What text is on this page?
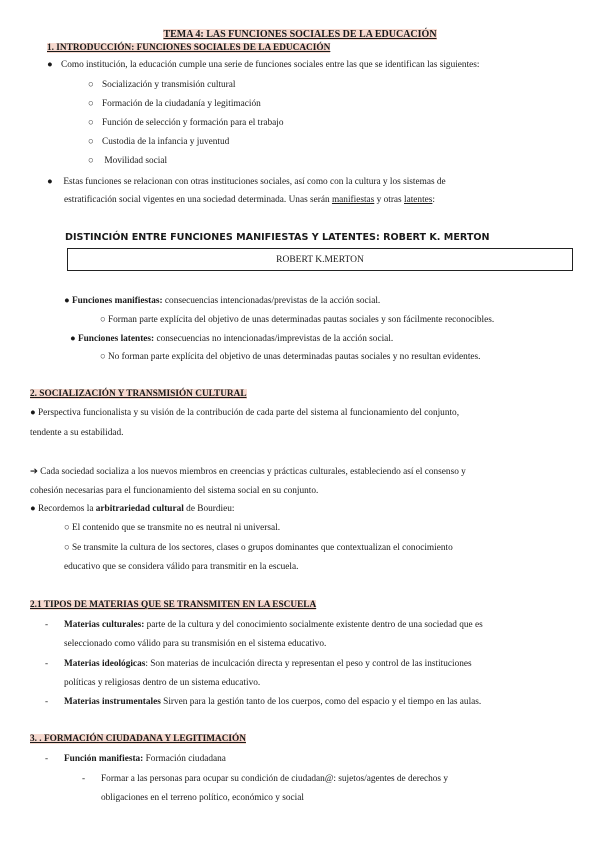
TEMA 4: LAS FUNCIONES SOCIALES DE LA EDUCACIÓN
1. INTRODUCCIÓN: FUNCIONES SOCIALES DE LA EDUCACIÓN
● Como institución, la educación cumple una serie de funciones sociales entre las que se identifican las siguientes:
○ Socialización y transmisión cultural
○ Formación de la ciudadanía y legitimación
○ Función de selección y formación para el trabajo
○ Custodia de la infancia y juventud
○ Movilidad social
● Estas funciones se relacionan con otras instituciones sociales, así como con la cultura y los sistemas de
estratificación social vigentes en una sociedad determinada. Unas serán manifiestas y otras latentes:
DISTINCIÓN ENTRE FUNCIONES MANIFIESTAS Y LATENTES: ROBERT K. MERTON
ROBERT K.MERTON
● Funciones manifiestas: consecuencias intencionadas/previstas de la acción social.
○ Forman parte explícita del objetivo de unas determinadas pautas sociales y son fácilmente reconocibles.
● Funciones latentes: consecuencias no intencionadas/imprevistas de la acción social.
○ No forman parte explícita del objetivo de unas determinadas pautas sociales y no resultan evidentes.
2. SOCIALIZACIÓN Y TRANSMISIÓN CULTURAL
● Perspectiva funcionalista y su visión de la contribución de cada parte del sistema al funcionamiento del conjunto,
tendente a su estabilidad.
➔ Cada sociedad socializa a los nuevos miembros en creencias y prácticas culturales, estableciendo así el consenso y
cohesión necesarias para el funcionamiento del sistema social en su conjunto.
● Recordemos la arbitrariedad cultural de Bourdieu:
○ El contenido que se transmite no es neutral ni universal.
○ Se transmite la cultura de los sectores, clases o grupos dominantes que contextualizan el conocimiento
educativo que se considera válido para transmitir en la escuela.
2.1 TIPOS DE MATERIAS QUE SE TRANSMITEN EN LA ESCUELA
- Materias culturales: parte de la cultura y del conocimiento socialmente existente dentro de una sociedad que es
seleccionado como válido para su transmisión en el sistema educativo.
- Materias ideológicas: Son materias de inculcación directa y representan el peso y control de las instituciones
políticas y religiosas dentro de un sistema educativo.
- Materias instrumentales Sirven para la gestión tanto de los cuerpos, como del espacio y el tiempo en las aulas.
3. . FORMACIÓN CIUDADANA Y LEGITIMACIÓN
- Función manifiesta: Formación ciudadana
- Formar a las personas para ocupar su condición de ciudadan@: sujetos/agentes de derechos y
obligaciones en el terreno político, económico y social
